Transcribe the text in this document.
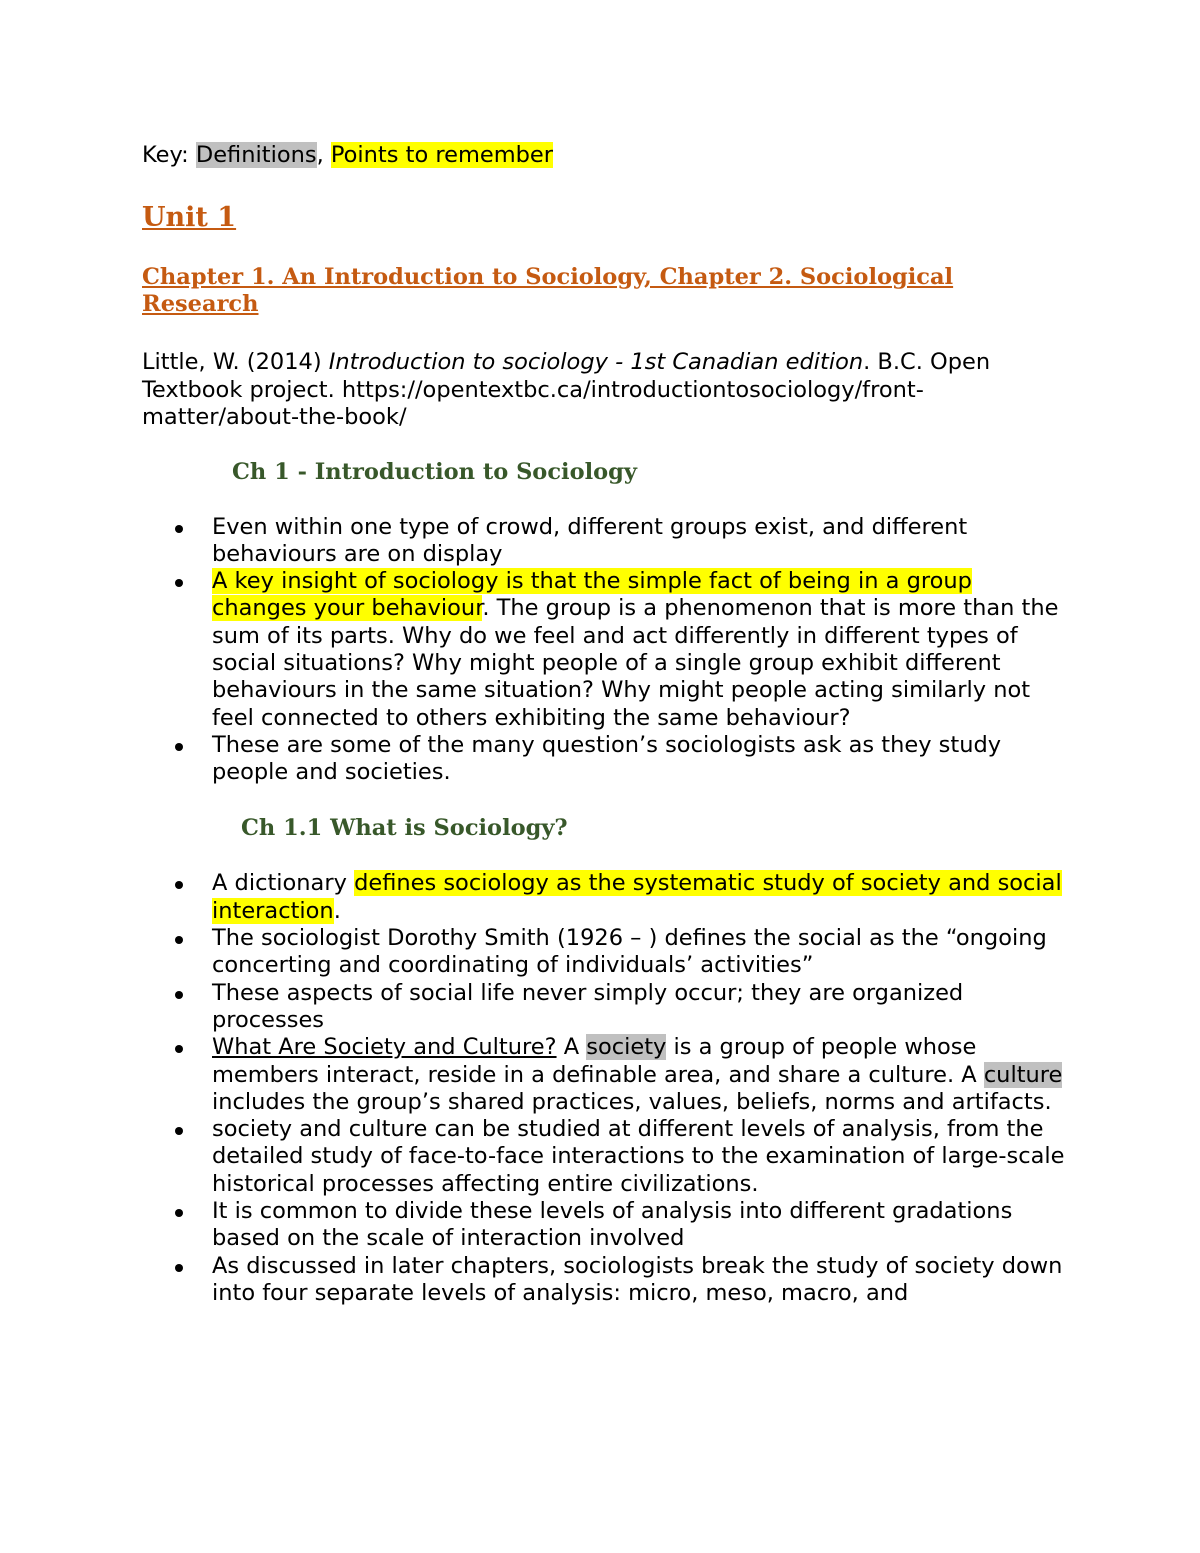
Key: Definitions, Points to remember

Unit 1
Chapter 1. An Introduction to Sociology, Chapter 2. Sociological Research

Little, W. (2014) Introduction to sociology - 1st Canadian edition. B.C. Open Textbook project. https://opentextbc.ca/introductiontosociology/front-matter/about-the-book/

Ch 1 - Introduction to Sociology
Even within one type of crowd, different groups exist, and different behaviours are on display
A key insight of sociology is that the simple fact of being in a group changes your behaviour. The group is a phenomenon that is more than the sum of its parts. Why do we feel and act differently in different types of social situations? Why might people of a single group exhibit different behaviours in the same situation? Why might people acting similarly not feel connected to others exhibiting the same behaviour?
These are some of the many question’s sociologists ask as they study people and societies.
Ch 1.1 What is Sociology?
A dictionary defines sociology as the systematic study of society and social interaction.
The sociologist Dorothy Smith (1926 – ) defines the social as the “ongoing concerting and coordinating of individuals’ activities”
These aspects of social life never simply occur; they are organized processes
What Are Society and Culture? A society is a group of people whose members interact, reside in a definable area, and share a culture. A culture includes the group’s shared practices, values, beliefs, norms and artifacts.
society and culture can be studied at different levels of analysis, from the detailed study of face-to-face interactions to the examination of large-scale historical processes affecting entire civilizations.
It is common to divide these levels of analysis into different gradations based on the scale of interaction involved
As discussed in later chapters, sociologists break the study of society down into four separate levels of analysis: micro, meso, macro, and
